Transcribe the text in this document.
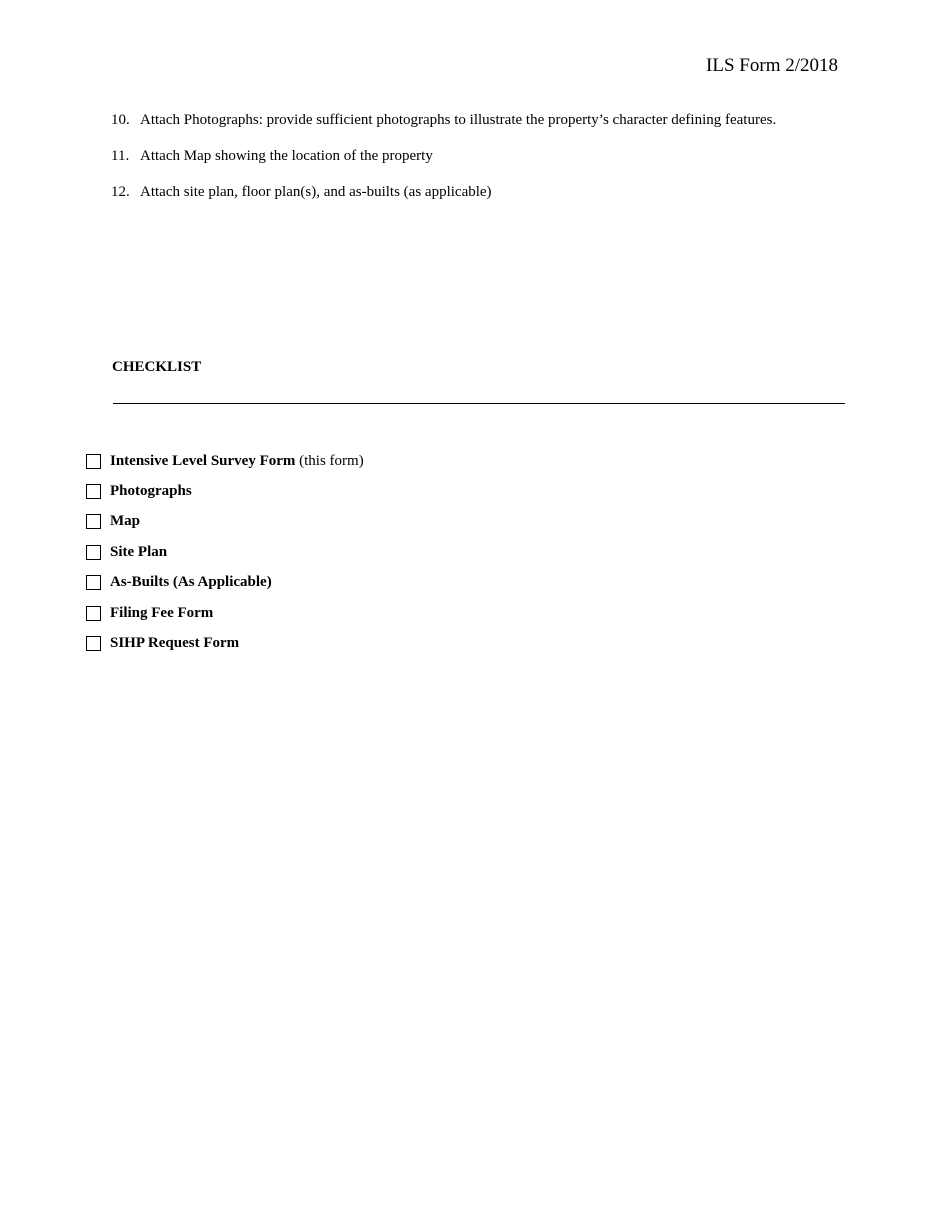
ILS Form 2/2018
10. Attach Photographs: provide sufficient photographs to illustrate the property’s character defining features.
11. Attach Map showing the location of the property
12. Attach site plan, floor plan(s), and as-builts (as applicable)
CHECKLIST
Intensive Level Survey Form (this form)
Photographs
Map
Site Plan
As-Builts (As Applicable)
Filing Fee Form
SIHP Request Form
